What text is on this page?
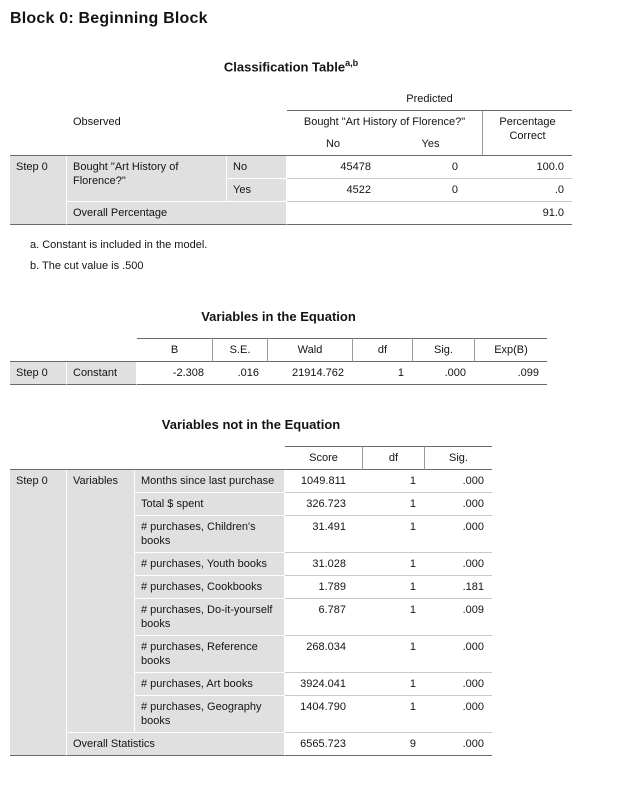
Block 0: Beginning Block
Classification Table$^{a,b}$
			Predicted		
	Observed		Bought "Art History of Florence?"		Percentage Correct
			No	Yes	
Step 0	Bought "Art History of Florence?"	No	45478	0	100.0
		Yes	4522	0	.0
	Overall Percentage				91.0
a. Constant is included in the model.
b. The cut value is .500
Variables in the Equation
		B	S.E.	Wald	df	Sig.	Exp(B)
Step 0	Constant	-2.308	.016	21914.762	1	.000	.099
Variables not in the Equation
			Score	df	Sig.
Step 0	Variables	Months since last purchase	1049.811	1	.000
		Total $ spent	326.723	1	.000
		# purchases, Children's books	31.491	1	.000
		# purchases, Youth books	31.028	1	.000
		# purchases, Cookbooks	1.789	1	.181
		# purchases, Do-it-yourself books	6.787	1	.009
		# purchases, Reference books	268.034	1	.000
		# purchases, Art books	3924.041	1	.000
		# purchases, Geography books	1404.790	1	.000
	Overall Statistics		6565.723	9	.000
